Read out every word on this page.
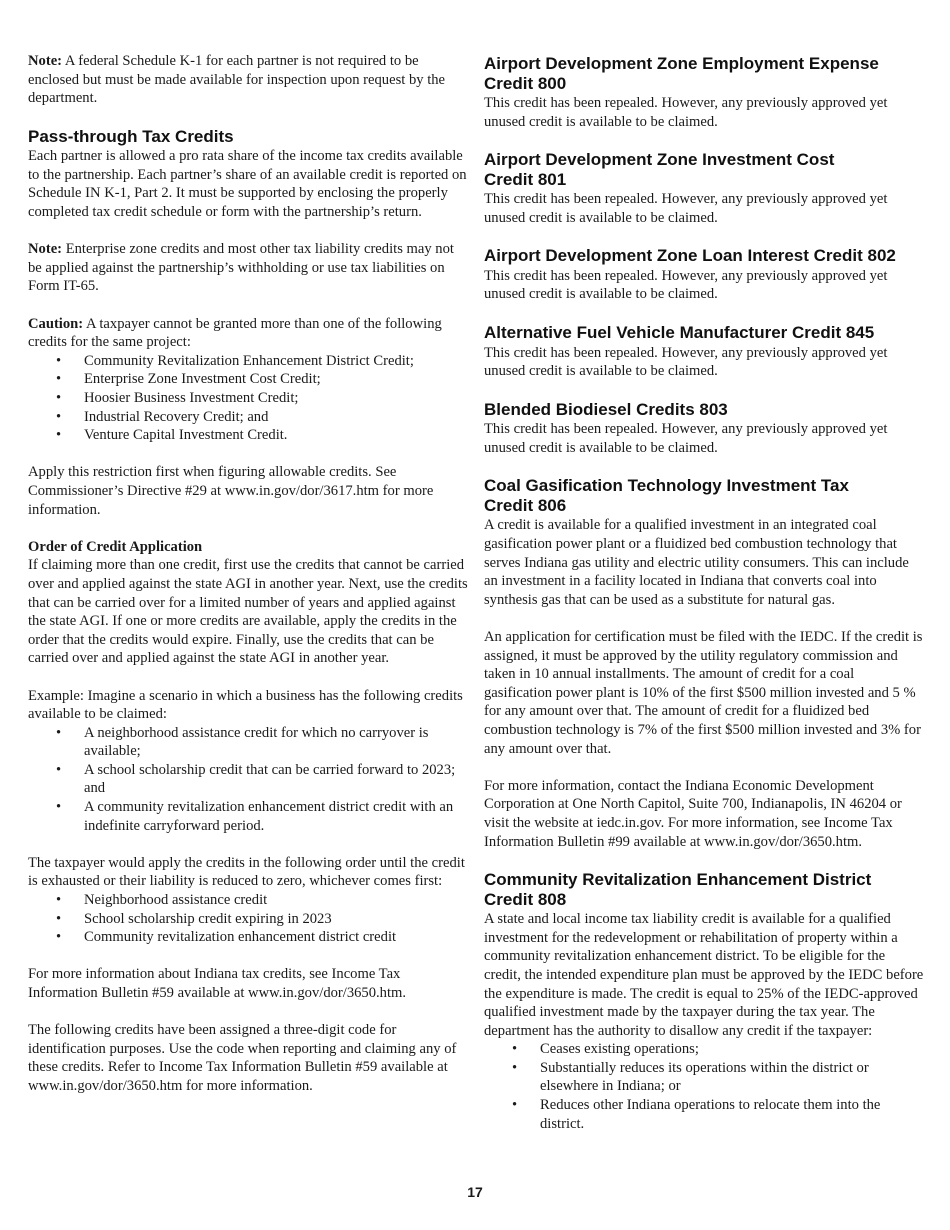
Note: A federal Schedule K-1 for each partner is not required to be enclosed but must be made available for inspection upon request by the department.

Pass-through Tax Credits

Each partner is allowed a pro rata share of the income tax credits available to the partnership. Each partner’s share of an available credit is reported on Schedule IN K-1, Part 2. It must be supported by enclosing the properly completed tax credit schedule or form with the partnership’s return.

Note: Enterprise zone credits and most other tax liability credits may not be applied against the partnership’s withholding or use tax liabilities on Form IT-65.

Caution: A taxpayer cannot be granted more than one of the following credits for the same project:

• Community Revitalization Enhancement District Credit;
• Enterprise Zone Investment Cost Credit;
• Hoosier Business Investment Credit;
• Industrial Recovery Credit; and
• Venture Capital Investment Credit.

Apply this restriction first when figuring allowable credits. See Commissioner’s Directive #29 at www.in.gov/dor/3617.htm for more information.

Order of Credit Application

If claiming more than one credit, first use the credits that cannot be carried over and applied against the state AGI in another year. Next, use the credits that can be carried over for a limited number of years and applied against the state AGI. If one or more credits are available, apply the credits in the order that the credits would expire. Finally, use the credits that can be carried over and applied against the state AGI in another year.

Example: Imagine a scenario in which a business has the following credits available to be claimed:

• A neighborhood assistance credit for which no carryover is available;
• A school scholarship credit that can be carried forward to 2023; and
• A community revitalization enhancement district credit with an indefinite carryforward period.

The taxpayer would apply the credits in the following order until the credit is exhausted or their liability is reduced to zero, whichever comes first:

• Neighborhood assistance credit
• School scholarship credit expiring in 2023
• Community revitalization enhancement district credit

For more information about Indiana tax credits, see Income Tax Information Bulletin #59 available at www.in.gov/dor/3650.htm.

The following credits have been assigned a three-digit code for identification purposes. Use the code when reporting and claiming any of these credits. Refer to Income Tax Information Bulletin #59 available at www.in.gov/dor/3650.htm for more information.

Airport Development Zone Employment Expense
Credit 800

This credit has been repealed. However, any previously approved yet unused credit is available to be claimed.

Airport Development Zone Investment Cost
Credit 801

This credit has been repealed. However, any previously approved yet unused credit is available to be claimed.

Airport Development Zone Loan Interest Credit 802

This credit has been repealed. However, any previously approved yet unused credit is available to be claimed.

Alternative Fuel Vehicle Manufacturer Credit 845

This credit has been repealed. However, any previously approved yet unused credit is available to be claimed.

Blended Biodiesel Credits 803

This credit has been repealed. However, any previously approved yet unused credit is available to be claimed.

Coal Gasification Technology Investment Tax
Credit 806

A credit is available for a qualified investment in an integrated coal gasification power plant or a fluidized bed combustion technology that serves Indiana gas utility and electric utility consumers. This can include an investment in a facility located in Indiana that converts coal into synthesis gas that can be used as a substitute for natural gas.

An application for certification must be filed with the IEDC. If the credit is assigned, it must be approved by the utility regulatory commission and taken in 10 annual installments. The amount of credit for a coal gasification power plant is 10% of the first $500 million invested and 5 % for any amount over that. The amount of credit for a fluidized bed combustion technology is 7% of the first $500 million invested and 3% for any amount over that.

For more information, contact the Indiana Economic Development Corporation at One North Capitol, Suite 700, Indianapolis, IN 46204 or visit the website at iedc.in.gov. For more information, see Income Tax Information Bulletin #99 available at www.in.gov/dor/3650.htm.

Community Revitalization Enhancement District
Credit 808

A state and local income tax liability credit is available for a qualified investment for the redevelopment or rehabilitation of property within a community revitalization enhancement district. To be eligible for the credit, the intended expenditure plan must be approved by the IEDC before the expenditure is made. The credit is equal to 25% of the IEDC-approved qualified investment made by the taxpayer during the tax year. The department has the authority to disallow any credit if the taxpayer:

• Ceases existing operations;
• Substantially reduces its operations within the district or elsewhere in Indiana; or
• Reduces other Indiana operations to relocate them into the district.
17
